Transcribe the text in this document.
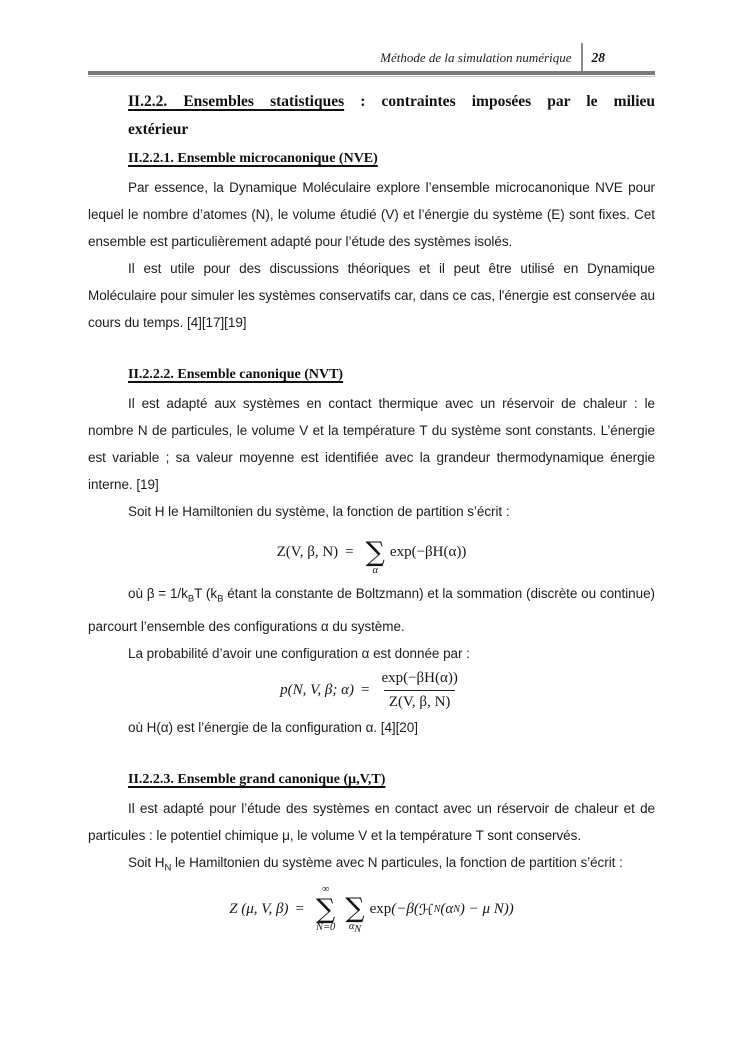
Méthode de la simulation numérique	28
II.2.2. Ensembles statistiques : contraintes imposées par le milieu
extérieur
II.2.2.1. Ensemble microcanonique (NVE)

Par essence, la Dynamique Moléculaire explore l’ensemble microcanonique NVE pour lequel le nombre d’atomes (N), le volume étudié (V) et l’énergie du système (E) sont fixes. Cet ensemble est particulièrement adapté pour l’étude des systèmes isolés.

Il est utile pour des discussions théoriques et il peut être utilisé en Dynamique Moléculaire pour simuler les systèmes conservatifs car, dans ce cas, l'énergie est conservée au cours du temps. [4][17][19]

II.2.2.2. Ensemble canonique (NVT)

Il est adapté aux systèmes en contact thermique avec un réservoir de chaleur : le nombre N de particules, le volume V et la température T du système sont constants. L’énergie est variable ; sa valeur moyenne est identifiée avec la grandeur thermodynamique énergie interne. [19]

Soit H le Hamiltonien du système, la fonction de partition s’écrit :

Z(V, β, N) = ∑
α
exp(−βH(α))

où $\beta = 1/k_BT$ ($k_B$ étant la constante de Boltzmann) et la sommation (discrète ou continue) parcourt l’ensemble des configurations α du système.

La probabilité d’avoir une configuration α est donnée par :

p(N, V, β; $\alpha) = \frac{\exp(-\beta H(\alpha))}{Z(V, \beta, N)}$

où H(α) est l’énergie de la configuration α. [4][20]

II.2.2.3. Ensemble grand canonique (μ,V,T)

Il est adapté pour l’étude des systèmes en contact avec un réservoir de chaleur et de particules : le potentiel chimique μ, le volume V et la température T sont conservés.

Soit $H_N$ le Hamiltonien du système avec N particules, la fonction de partition s’écrit :

Z (μ, V, β) =
∞
∑
N=0
∑
$\alpha_N$
exp (−β( ℋ N (α N ) − μ N))
